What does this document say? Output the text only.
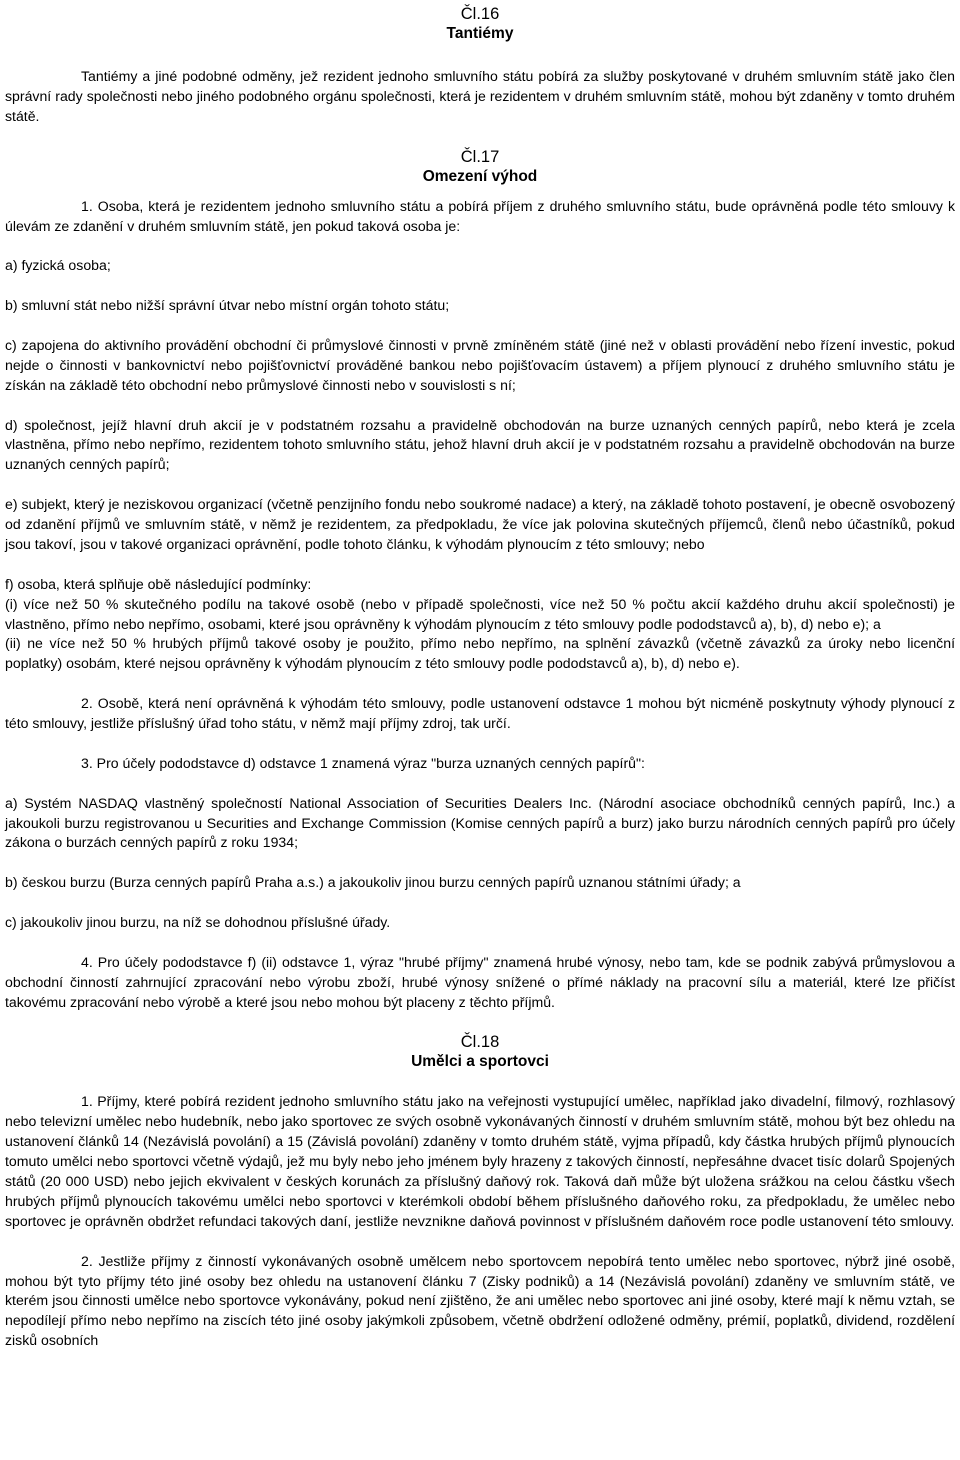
Čl.16

Tantiémy

Tantiémy a jiné podobné odměny, jež rezident jednoho smluvního státu pobírá za služby poskytované v druhém smluvním státě jako člen správní rady společnosti nebo jiného podobného orgánu společnosti, která je rezidentem v druhém smluvním státě, mohou být zdaněny v tomto druhém státě.

Čl.17

Omezení výhod

1. Osoba, která je rezidentem jednoho smluvního státu a pobírá příjem z druhého smluvního státu, bude oprávněná podle této smlouvy k úlevám ze zdanění v druhém smluvním státě, jen pokud taková osoba je:

a) fyzická osoba;

b) smluvní stát nebo nižší správní útvar nebo místní orgán tohoto státu;

c) zapojena do aktivního provádění obchodní či průmyslové činnosti v prvně zmíněném státě (jiné než v oblasti provádění nebo řízení investic, pokud nejde o činnosti v bankovnictví nebo pojišťovnictví prováděné bankou nebo pojišťovacím ústavem) a příjem plynoucí z druhého smluvního státu je získán na základě této obchodní nebo průmyslové činnosti nebo v souvislosti s ní;

d) společnost, jejíž hlavní druh akcií je v podstatném rozsahu a pravidelně obchodován na burze uznaných cenných papírů, nebo která je zcela vlastněna, přímo nebo nepřímo, rezidentem tohoto smluvního státu, jehož hlavní druh akcií je v podstatném rozsahu a pravidelně obchodován na burze uznaných cenných papírů;

e) subjekt, který je neziskovou organizací (včetně penzijního fondu nebo soukromé nadace) a který, na základě tohoto postavení, je obecně osvobozený od zdanění příjmů ve smluvním státě, v němž je rezidentem, za předpokladu, že více jak polovina skutečných příjemců, členů nebo účastníků, pokud jsou takoví, jsou v takové organizaci oprávnění, podle tohoto článku, k výhodám plynoucím z této smlouvy; nebo

f) osoba, která splňuje obě následující podmínky:

(i) více než 50 % skutečného podílu na takové osobě (nebo v případě společnosti, více než 50 % počtu akcií každého druhu akcií společnosti) je vlastněno, přímo nebo nepřímo, osobami, které jsou oprávněny k výhodám plynoucím z této smlouvy podle pododstavců a), b), d) nebo e); a

(ii) ne více než 50 % hrubých příjmů takové osoby je použito, přímo nebo nepřímo, na splnění závazků (včetně závazků za úroky nebo licenční poplatky) osobám, které nejsou oprávněny k výhodám plynoucím z této smlouvy podle pododstavců a), b), d) nebo e).

2. Osobě, která není oprávněná k výhodám této smlouvy, podle ustanovení odstavce 1 mohou být nicméně poskytnuty výhody plynoucí z této smlouvy, jestliže příslušný úřad toho státu, v němž mají příjmy zdroj, tak určí.

3. Pro účely pododstavce d) odstavce 1 znamená výraz "burza uznaných cenných papírů":

a) Systém NASDAQ vlastněný společností National Association of Securities Dealers Inc. (Národní asociace obchodníků cenných papírů, Inc.) a jakoukoli burzu registrovanou u Securities and Exchange Commission (Komise cenných papírů a burz) jako burzu národních cenných papírů pro účely zákona o burzách cenných papírů z roku 1934;

b) českou burzu (Burza cenných papírů Praha a.s.) a jakoukoliv jinou burzu cenných papírů uznanou státními úřady; a

c) jakoukoliv jinou burzu, na níž se dohodnou příslušné úřady.

4. Pro účely pododstavce f) (ii) odstavce 1, výraz "hrubé příjmy" znamená hrubé výnosy, nebo tam, kde se podnik zabývá průmyslovou a obchodní činností zahrnující zpracování nebo výrobu zboží, hrubé výnosy snížené o přímé náklady na pracovní sílu a materiál, které lze přičíst takovému zpracování nebo výrobě a které jsou nebo mohou být placeny z těchto příjmů.

Čl.18

Umělci a sportovci

1. Příjmy, které pobírá rezident jednoho smluvního státu jako na veřejnosti vystupující umělec, například jako divadelní, filmový, rozhlasový nebo televizní umělec nebo hudebník, nebo jako sportovec ze svých osobně vykonávaných činností v druhém smluvním státě, mohou být bez ohledu na ustanovení článků 14 (Nezávislá povolání) a 15 (Závislá povolání) zdaněny v tomto druhém státě, vyjma případů, kdy částka hrubých příjmů plynoucích tomuto umělci nebo sportovci včetně výdajů, jež mu byly nebo jeho jménem byly hrazeny z takových činností, nepřesáhne dvacet tisíc dolarů Spojených států (20 000 USD) nebo jejich ekvivalent v českých korunách za příslušný daňový rok. Taková daň může být uložena srážkou na celou částku všech hrubých příjmů plynoucích takovému umělci nebo sportovci v kterémkoli období během příslušného daňového roku, za předpokladu, že umělec nebo sportovec je oprávněn obdržet refundaci takových daní, jestliže nevznikne daňová povinnost v příslušném daňovém roce podle ustanovení této smlouvy.

2. Jestliže příjmy z činností vykonávaných osobně umělcem nebo sportovcem nepobírá tento umělec nebo sportovec, nýbrž jiné osobě, mohou být tyto příjmy této jiné osoby bez ohledu na ustanovení článku 7 (Zisky podniků) a 14 (Nezávislá povolání) zdaněny ve smluvním státě, ve kterém jsou činnosti umělce nebo sportovce vykonávány, pokud není zjištěno, že ani umělec nebo sportovec ani jiné osoby, které mají k němu vztah, se nepodílejí přímo nebo nepřímo na ziscích této jiné osoby jakýmkoli způsobem, včetně obdržení odložené odměny, prémií, poplatků, dividend, rozdělení zisků osobních
